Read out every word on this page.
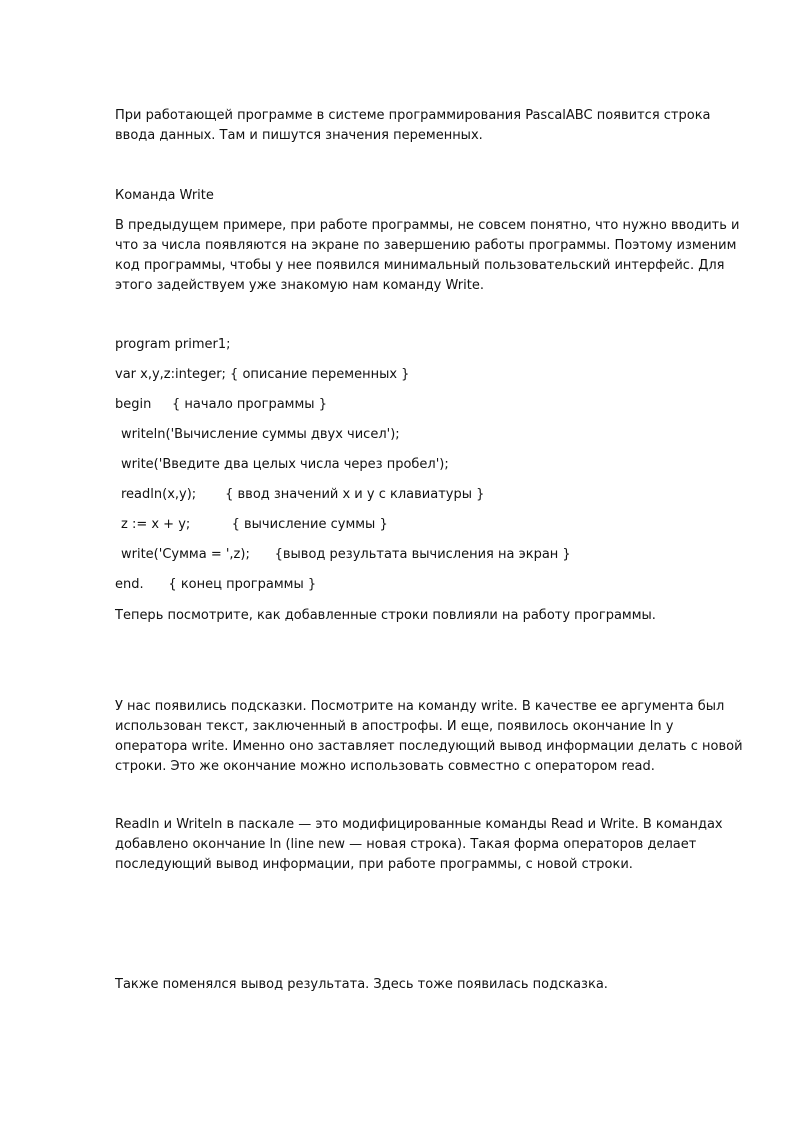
При работающей программе в системе программирования PascalABC появится строка ввода данных. Там и пишутся значения переменных.

Команда Write

В предыдущем примере, при работе программы, не совсем понятно, что нужно вводить и что за числа появляются на экране по завершению работы программы. Поэтому изменим код программы, чтобы у нее появился минимальный пользовательский интерфейс. Для этого задействуем уже знакомую нам команду Write.

program primer1;

var x,y,z:integer; { описание переменных }

begin     { начало программы }

writeln('Вычисление суммы двух чисел');

write('Введите два целых числа через пробел');

readln(x,y);       { ввод значений x и y с клавиатуры }

z := x + y;          { вычисление суммы }

write('Сумма = ',z);      {вывод результата вычисления на экран }

end.      { конец программы }

Теперь посмотрите, как добавленные строки повлияли на работу программы.

У нас появились подсказки. Посмотрите на команду write. В качестве ее аргумента был использован текст, заключенный в апострофы. И еще, появилось окончание ln у оператора write. Именно оно заставляет последующий вывод информации делать с новой строки. Это же окончание можно использовать совместно с оператором read.

Readln и Writeln в паскале — это модифицированные команды Read и Write. В командах добавлено окончание ln (line new — новая строка). Такая форма операторов делает последующий вывод информации, при работе программы, с новой строки.

Также поменялся вывод результата. Здесь тоже появилась подсказка.
